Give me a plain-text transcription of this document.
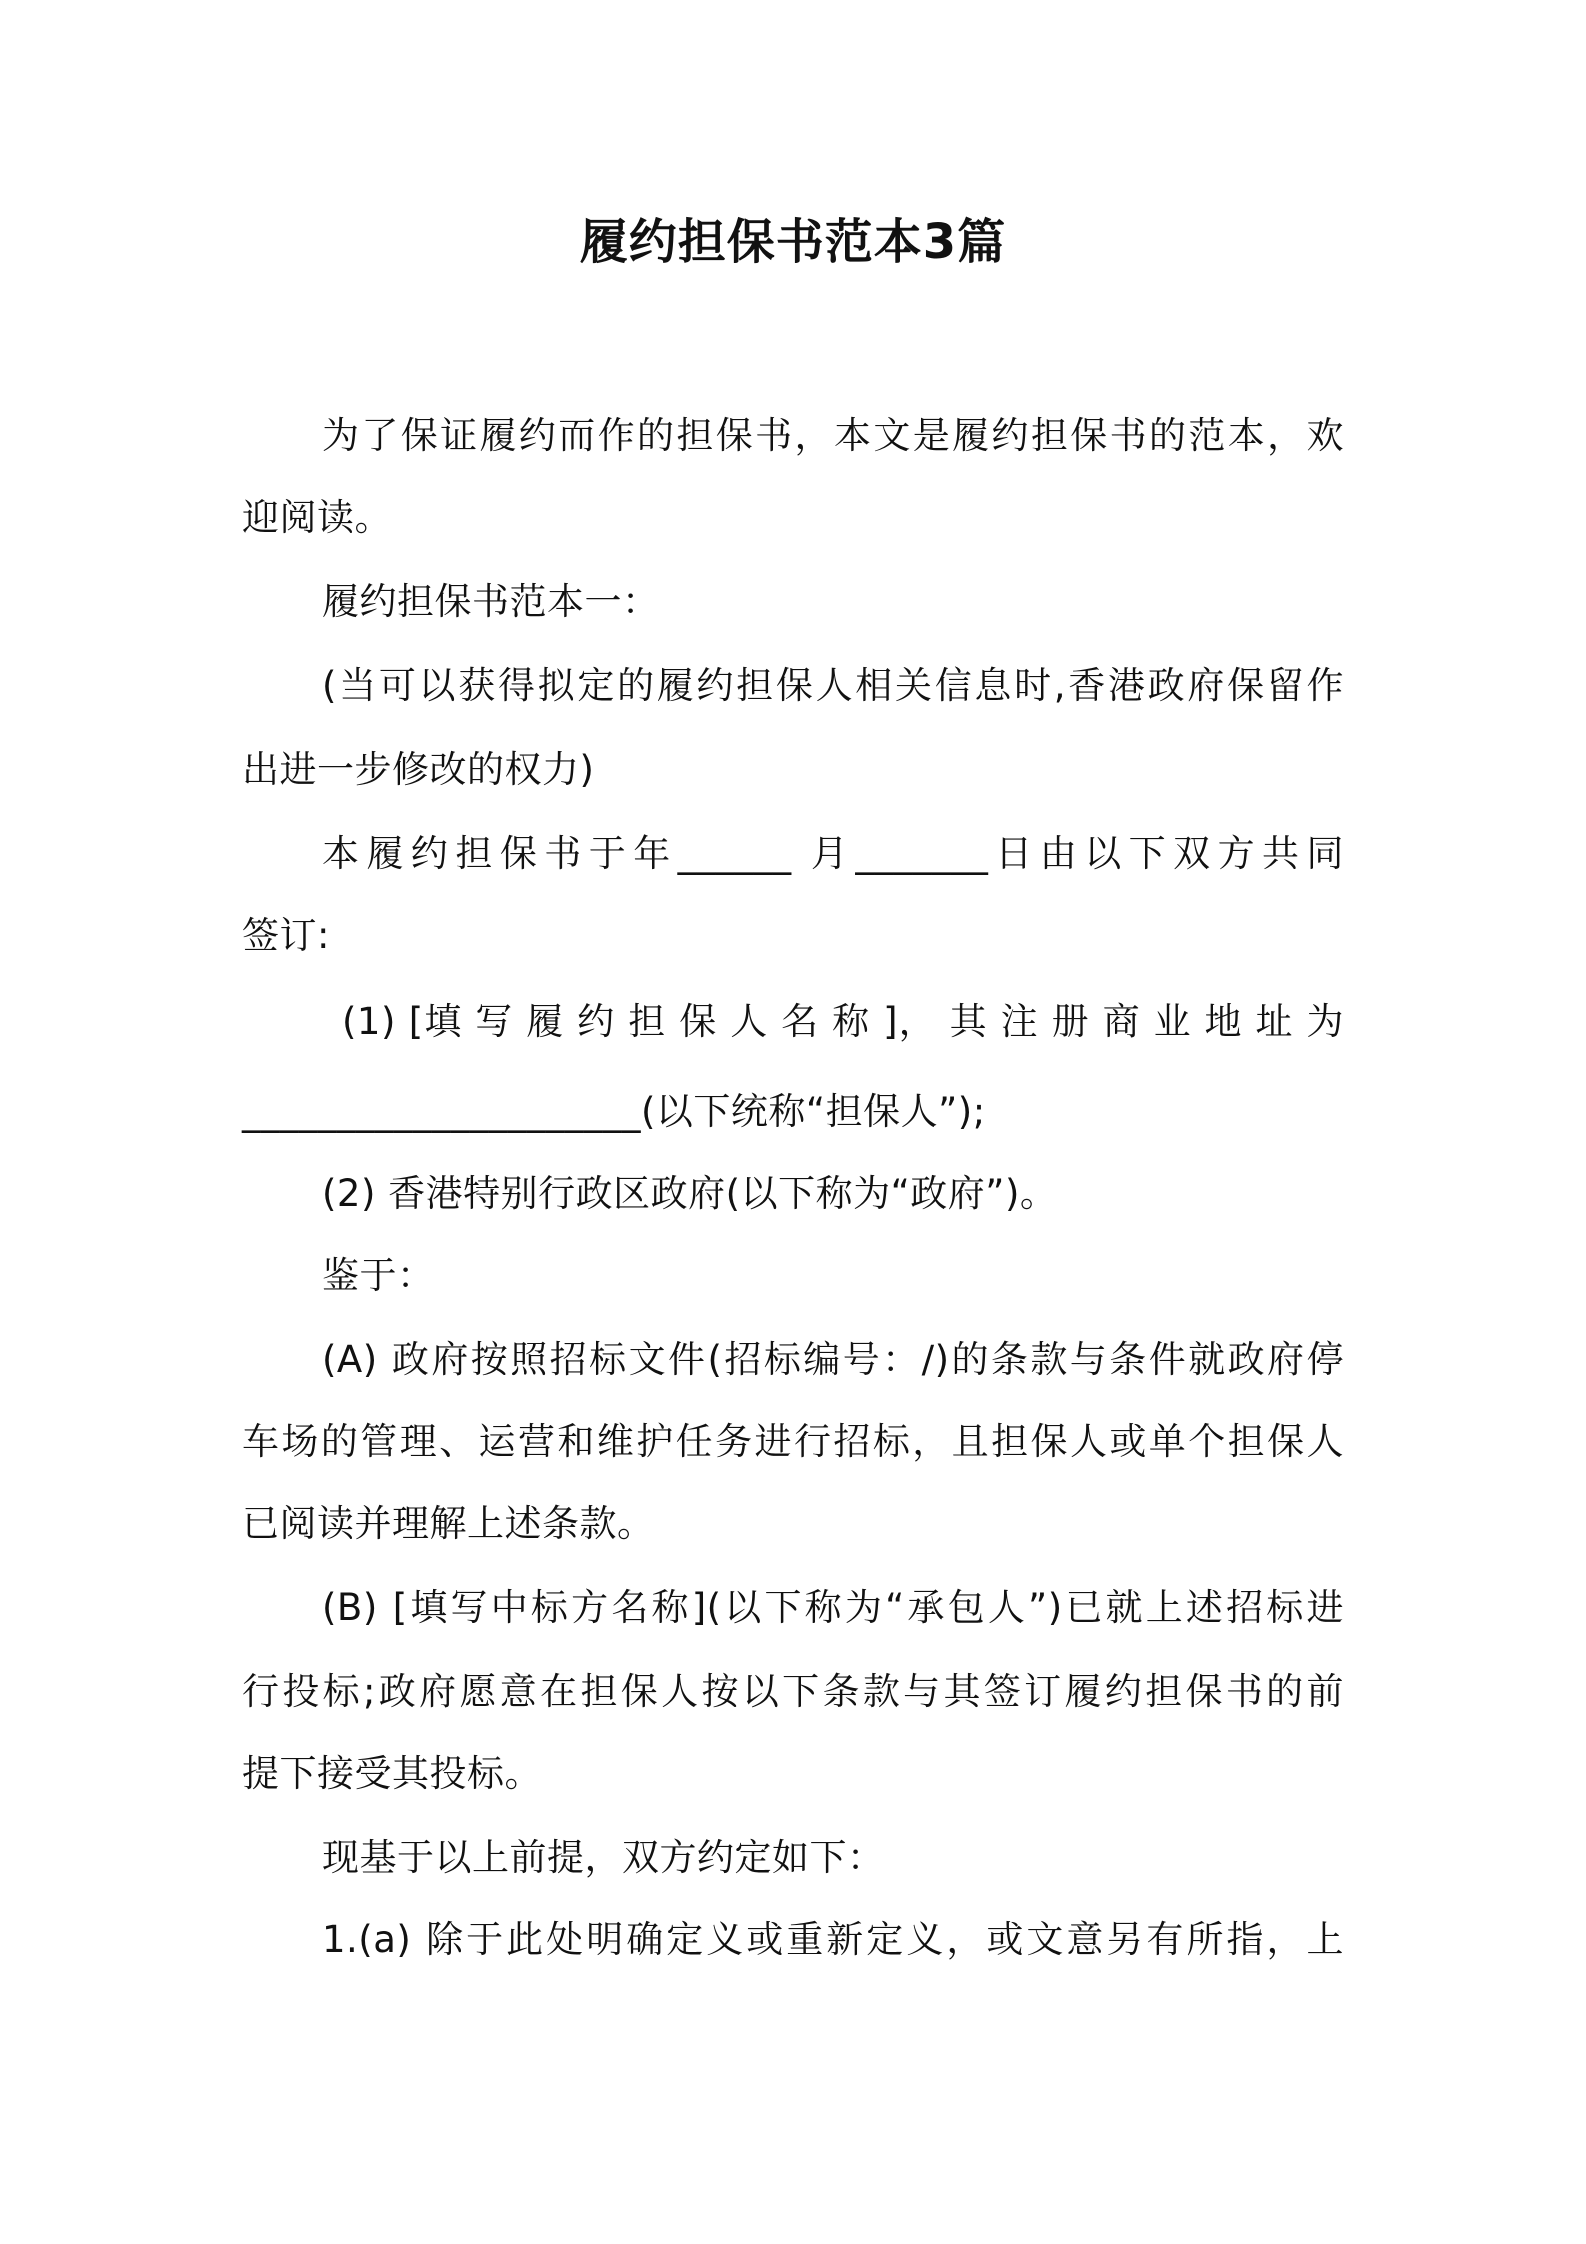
履约担保书范本3篇
为了保证履约而作的担保书，本文是履约担保书的范本，欢
迎阅读。
履约担保书范本一：
(当可以获得拟定的履约担保人相关信息时,香港政府保留作
出进一步修改的权力)
本履约担保书于年______ 月_______日由以下双方共同
签订:
(1) [填 写 履 约 担 保 人 名 称 ]， 其 注 册 商 业 地 址 为
_____________________(以下统称“担保人”);
(2) 香港特别行政区政府(以下称为“政府”)。
鉴于：
(A) 政府按照招标文件(招标编号：/)的条款与条件就政府停
车场的管理、运营和维护任务进行招标，且担保人或单个担保人
已阅读并理解上述条款。
(B) [填写中标方名称](以下称为“承包人”)已就上述招标进
行投标;政府愿意在担保人按以下条款与其签订履约担保书的前
提下接受其投标。
现基于以上前提，双方约定如下：
1.(a) 除于此处明确定义或重新定义，或文意另有所指，上
